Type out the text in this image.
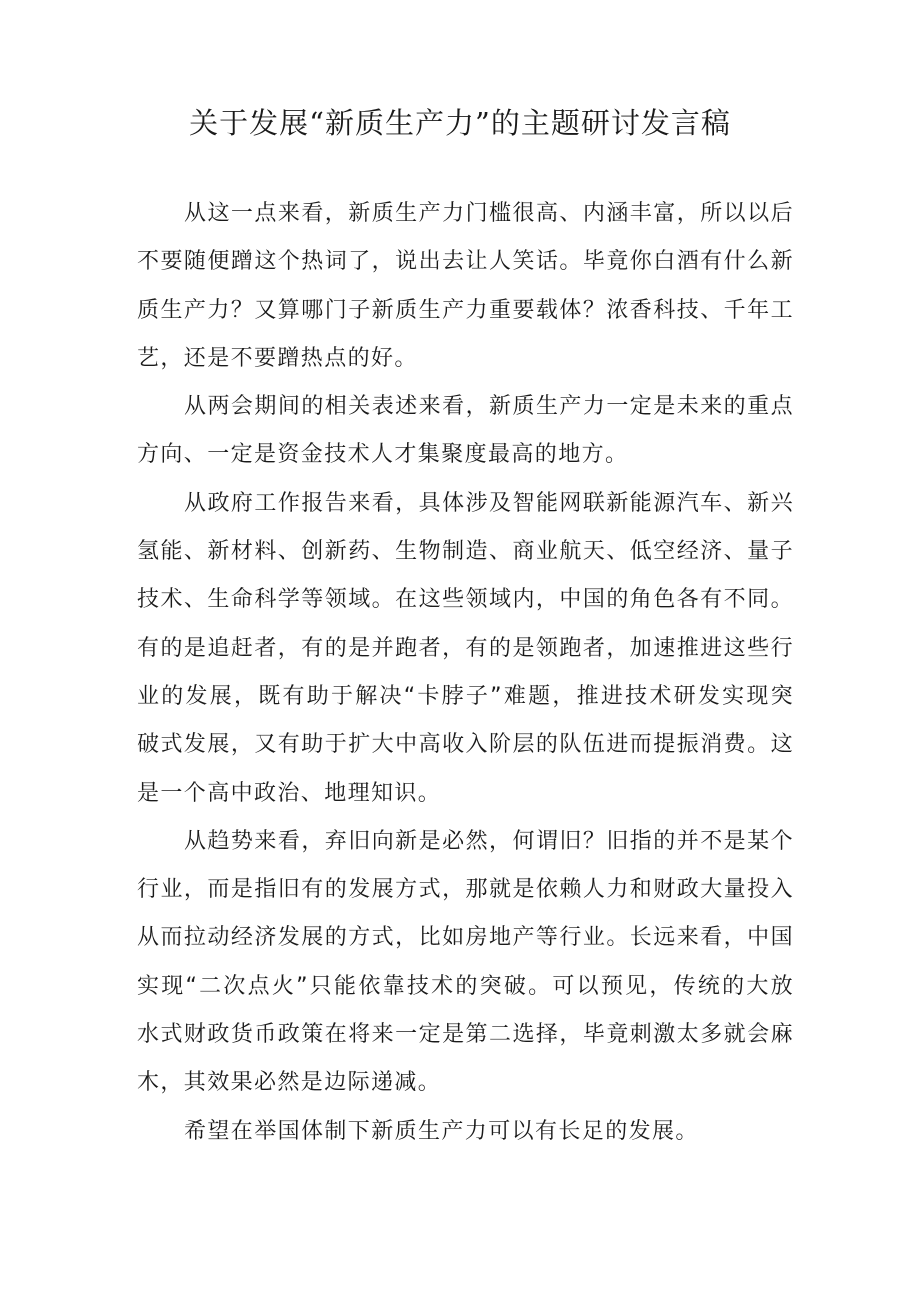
关于发展“新质生产力”的主题研讨发言稿

从这一点来看，新质生产力门槛很高、内涵丰富，所以以后不要随便蹭这个热词了，说出去让人笑话。毕竟你白酒有什么新质生产力？又算哪门子新质生产力重要载体？浓香科技、千年工艺，还是不要蹭热点的好。

从两会期间的相关表述来看，新质生产力一定是未来的重点方向、一定是资金技术人才集聚度最高的地方。

从政府工作报告来看，具体涉及智能网联新能源汽车、新兴氢能、新材料、创新药、生物制造、商业航天、低空经济、量子技术、生命科学等领域。在这些领域内，中国的角色各有不同。有的是追赶者，有的是并跑者，有的是领跑者，加速推进这些行业的发展，既有助于解决“卡脖子”难题，推进技术研发实现突破式发展，又有助于扩大中高收入阶层的队伍进而提振消费。这是一个高中政治、地理知识。

从趋势来看，弃旧向新是必然，何谓旧？旧指的并不是某个行业，而是指旧有的发展方式，那就是依赖人力和财政大量投入从而拉动经济发展的方式，比如房地产等行业。长远来看，中国实现“二次点火”只能依靠技术的突破。可以预见，传统的大放水式财政货币政策在将来一定是第二选择，毕竟刺激太多就会麻木，其效果必然是边际递减。

希望在举国体制下新质生产力可以有长足的发展。
